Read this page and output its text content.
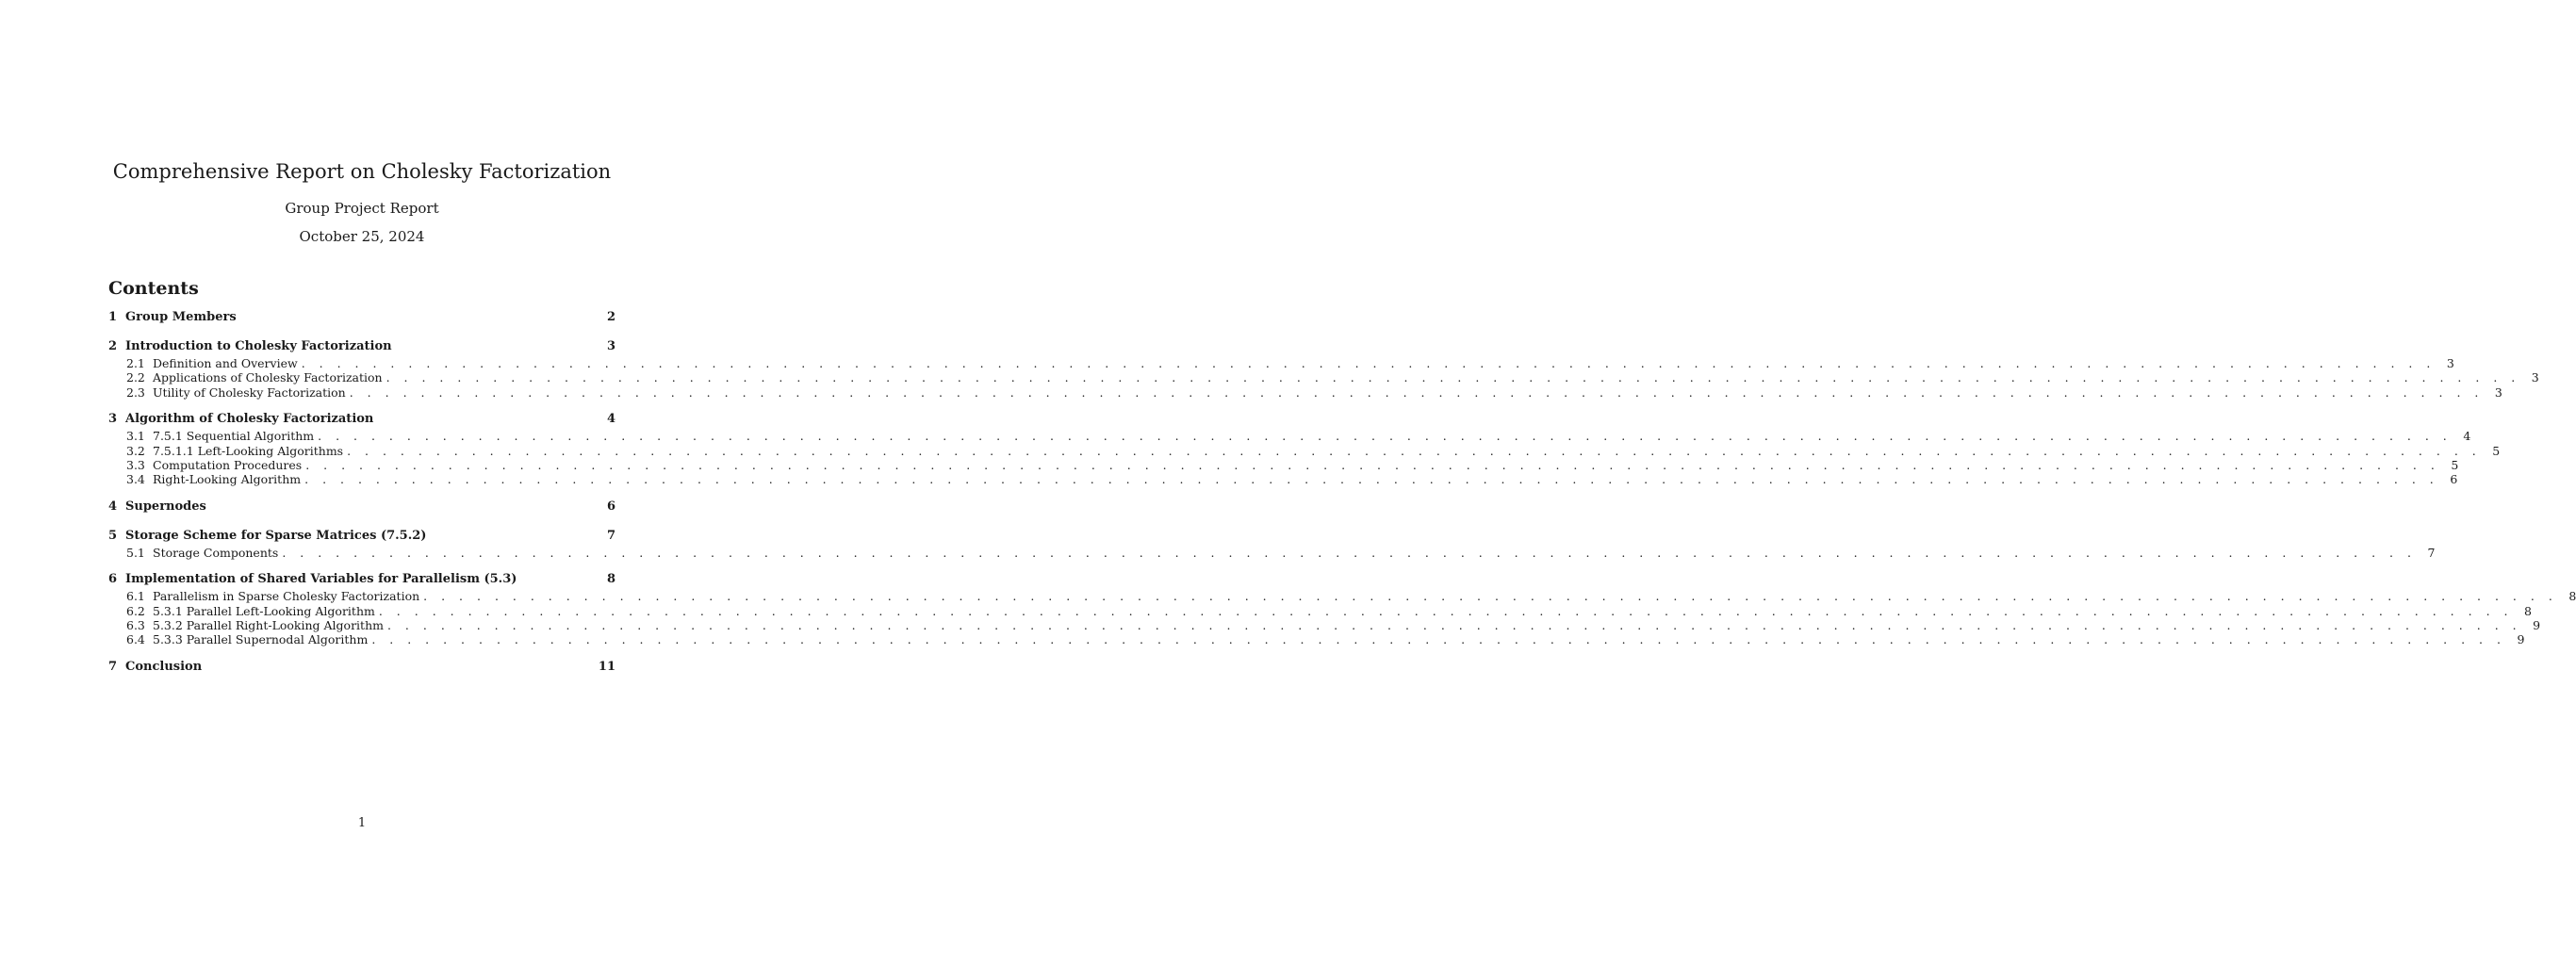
Comprehensive Report on Cholesky Factorization
Group Project Report
October 25, 2024
Contents
1 Group Members	2
2 Introduction to Cholesky Factorization	3
2.1 Definition and Overview . . . . . . . . . . . . . . . . . . . . . . . . . . . . . . . . . . . . . . . . . . . . . . . . . . . . . . . . . . . . . . . . . . . . . . . . . . . . . . . . . . . . . . . . . . . . . . . . . . . . . . . . . . . . . . . . . . . . . . . . 3
2.2 Applications of Cholesky Factorization . . . . . . . . . . . . . . . . . . . . . . . . . . . . . . . . . . . . . . . . . . . . . . . . . . . . . . . . . . . . . . . . . . . . . . . . . . . . . . . . . . . . . . . . . . . . . . . . . . . . . . . . . . . . . . . . . . . . . . . . 3
2.3 Utility of Cholesky Factorization . . . . . . . . . . . . . . . . . . . . . . . . . . . . . . . . . . . . . . . . . . . . . . . . . . . . . . . . . . . . . . . . . . . . . . . . . . . . . . . . . . . . . . . . . . . . . . . . . . . . . . . . . . . . . . . . . . . . . . . . 3
3 Algorithm of Cholesky Factorization	4
3.1 7.5.1 Sequential Algorithm . . . . . . . . . . . . . . . . . . . . . . . . . . . . . . . . . . . . . . . . . . . . . . . . . . . . . . . . . . . . . . . . . . . . . . . . . . . . . . . . . . . . . . . . . . . . . . . . . . . . . . . . . . . . . . . . . . . . . . . . 4
3.2 7.5.1.1 Left-Looking Algorithms . . . . . . . . . . . . . . . . . . . . . . . . . . . . . . . . . . . . . . . . . . . . . . . . . . . . . . . . . . . . . . . . . . . . . . . . . . . . . . . . . . . . . . . . . . . . . . . . . . . . . . . . . . . . . . . . . . . . . . . . 5
3.3 Computation Procedures . . . . . . . . . . . . . . . . . . . . . . . . . . . . . . . . . . . . . . . . . . . . . . . . . . . . . . . . . . . . . . . . . . . . . . . . . . . . . . . . . . . . . . . . . . . . . . . . . . . . . . . . . . . . . . . . . . . . . . . . 5
3.4 Right-Looking Algorithm . . . . . . . . . . . . . . . . . . . . . . . . . . . . . . . . . . . . . . . . . . . . . . . . . . . . . . . . . . . . . . . . . . . . . . . . . . . . . . . . . . . . . . . . . . . . . . . . . . . . . . . . . . . . . . . . . . . . . . . . 6
4 Supernodes	6
5 Storage Scheme for Sparse Matrices (7.5.2)	7
5.1 Storage Components . . . . . . . . . . . . . . . . . . . . . . . . . . . . . . . . . . . . . . . . . . . . . . . . . . . . . . . . . . . . . . . . . . . . . . . . . . . . . . . . . . . . . . . . . . . . . . . . . . . . . . . . . . . . . . . . . . . . . . . . 7
6 Implementation of Shared Variables for Parallelism (5.3)	8
6.1 Parallelism in Sparse Cholesky Factorization . . . . . . . . . . . . . . . . . . . . . . . . . . . . . . . . . . . . . . . . . . . . . . . . . . . . . . . . . . . . . . . . . . . . . . . . . . . . . . . . . . . . . . . . . . . . . . . . . . . . . . . . . . . . . . . . . . . . . . . . 8
6.2 5.3.1 Parallel Left-Looking Algorithm . . . . . . . . . . . . . . . . . . . . . . . . . . . . . . . . . . . . . . . . . . . . . . . . . . . . . . . . . . . . . . . . . . . . . . . . . . . . . . . . . . . . . . . . . . . . . . . . . . . . . . . . . . . . . . . . . . . . . . . . 8
6.3 5.3.2 Parallel Right-Looking Algorithm . . . . . . . . . . . . . . . . . . . . . . . . . . . . . . . . . . . . . . . . . . . . . . . . . . . . . . . . . . . . . . . . . . . . . . . . . . . . . . . . . . . . . . . . . . . . . . . . . . . . . . . . . . . . . . . . . . . . . . . . 9
6.4 5.3.3 Parallel Supernodal Algorithm . . . . . . . . . . . . . . . . . . . . . . . . . . . . . . . . . . . . . . . . . . . . . . . . . . . . . . . . . . . . . . . . . . . . . . . . . . . . . . . . . . . . . . . . . . . . . . . . . . . . . . . . . . . . . . . . . . . . . . . . 9
7 Conclusion	11
1
